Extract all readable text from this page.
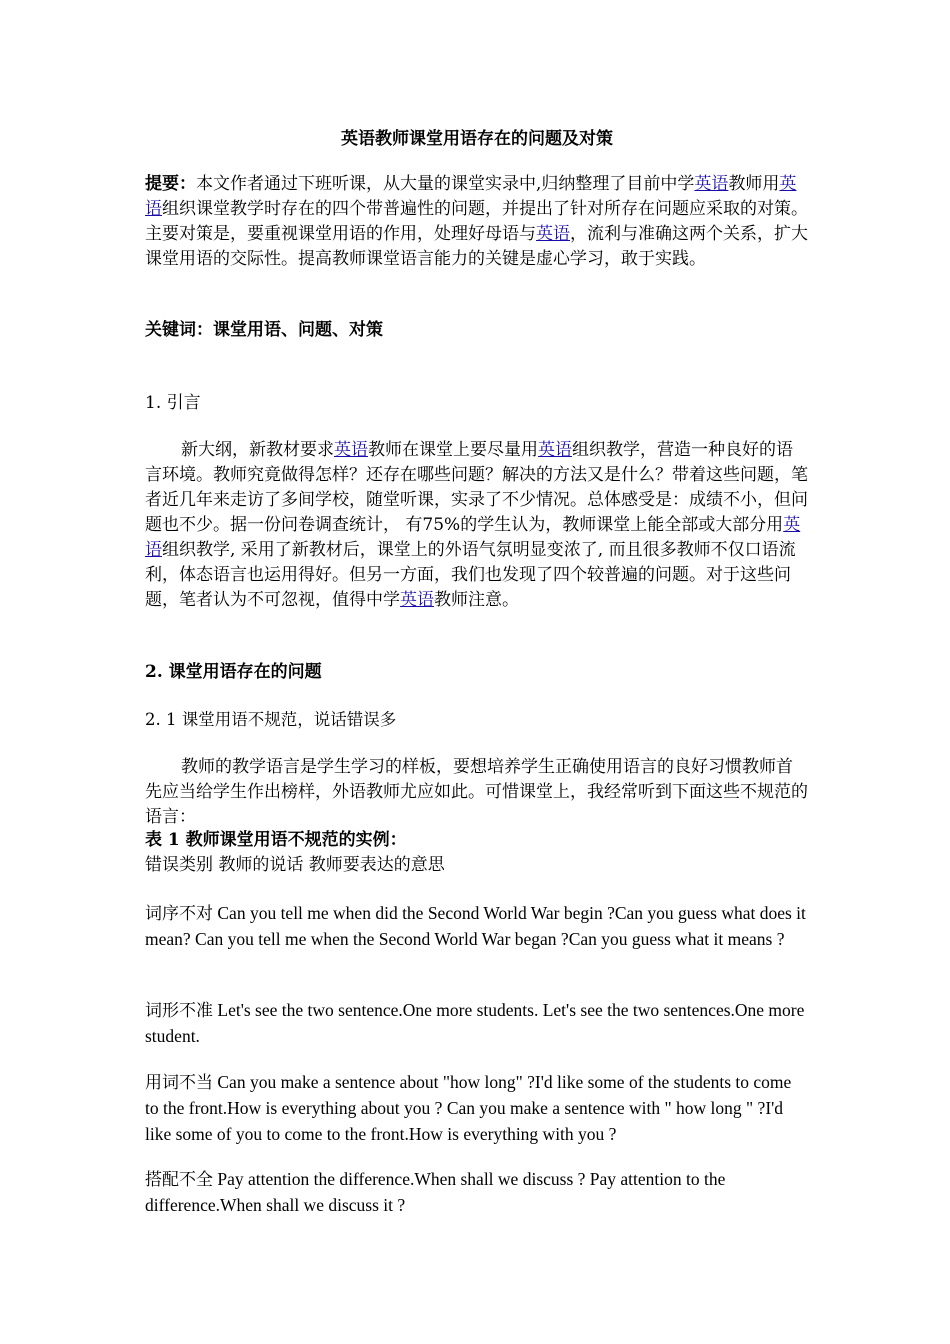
英语教师课堂用语存在的问题及对策
提要：本文作者通过下班听课，从大量的课堂实录中,归纳整理了目前中学英语教师用英语组织课堂教学时存在的四个带普遍性的问题，并提出了针对所存在问题应采取的对策。主要对策是，要重视课堂用语的作用，处理好母语与英语，流利与准确这两个关系，扩大课堂用语的交际性。提高教师课堂语言能力的关键是虚心学习，敢于实践。
关键词：课堂用语、问题、对策
1. 引言
新大纲，新教材要求英语教师在课堂上要尽量用英语组织教学，营造一种良好的语言环境。教师究竟做得怎样？还存在哪些问题？解决的方法又是什么？带着这些问题，笔者近几年来走访了多间学校，随堂听课，实录了不少情况。总体感受是：成绩不小，但问题也不少。据一份问卷调查统计， 有75%的学生认为，教师课堂上能全部或大部分用英语组织教学, 采用了新教材后，课堂上的外语气氛明显变浓了, 而且很多教师不仅口语流利，体态语言也运用得好。但另一方面，我们也发现了四个较普遍的问题。对于这些问题，笔者认为不可忽视，值得中学英语教师注意。
2. 课堂用语存在的问题
2. 1 课堂用语不规范，说话错误多
教师的教学语言是学生学习的样板，要想培养学生正确使用语言的良好习惯教师首先应当给学生作出榜样，外语教师尤应如此。可惜课堂上，我经常听到下面这些不规范的语言：
表 1 教师课堂用语不规范的实例：
错误类别 教师的说话 教师要表达的意思
词序不对 Can you tell me when did the Second World War begin ?Can you guess what does it mean? Can you tell me when the Second World War began ?Can you guess what it means ?
词形不准 Let's see the two sentence.One more students. Let's see the two sentences.One more student.
用词不当 Can you make a sentence about "how long" ?I'd like some of the students to come to the front.How is everything about you ? Can you make a sentence with " how long " ?I'd like some of you to come to the front.How is everything with you ?
搭配不全 Pay attention the difference.When shall we discuss ? Pay attention to the difference.When shall we discuss it ?
